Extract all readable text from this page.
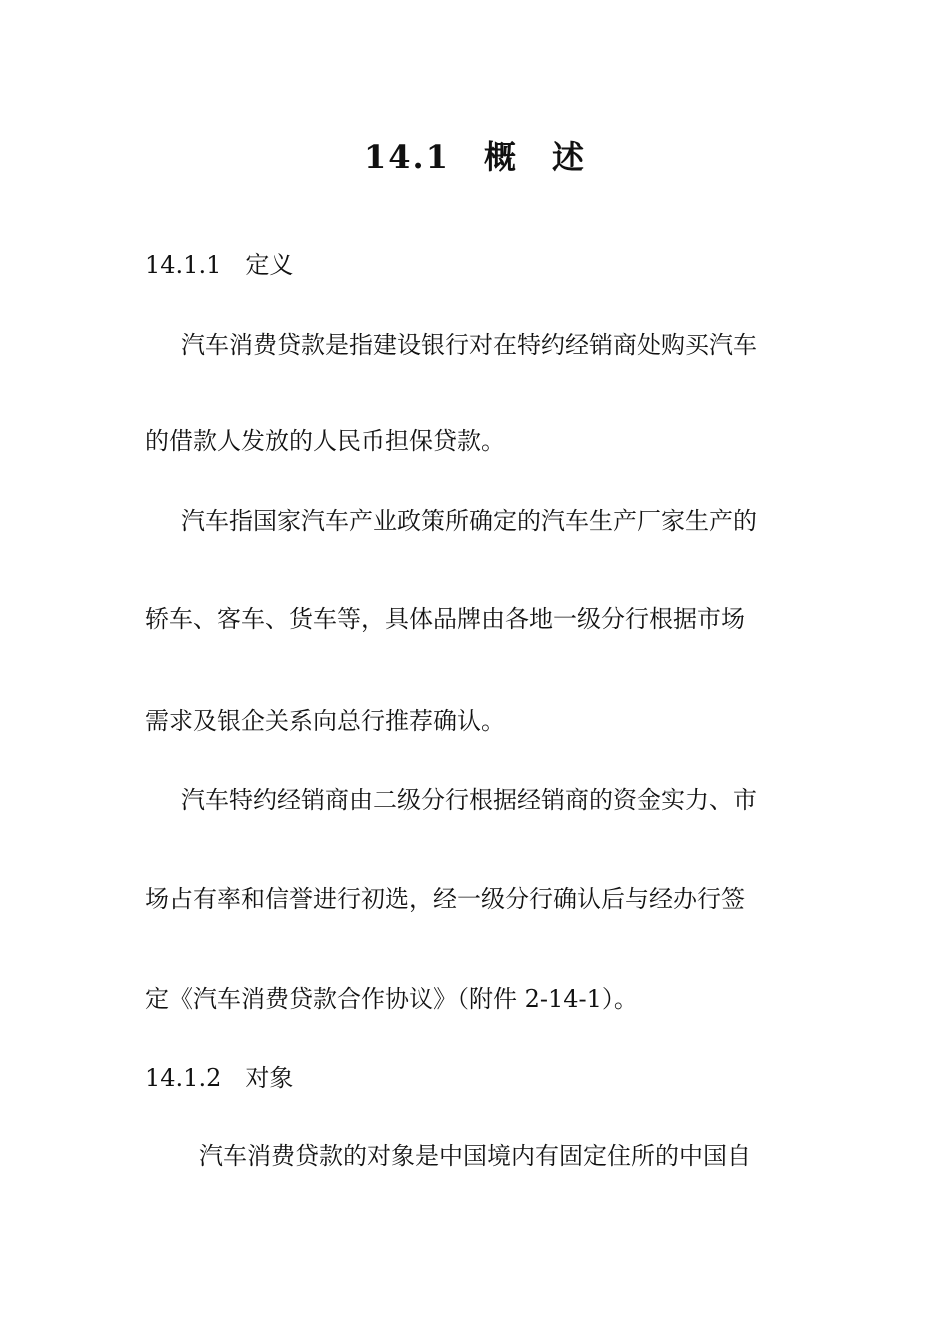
14.1　概　述
14.1.1　定义
汽车消费贷款是指建设银行对在特约经销商处购买汽车
的借款人发放的人民币担保贷款。
汽车指国家汽车产业政策所确定的汽车生产厂家生产的
轿车、客车、货车等，具体品牌由各地一级分行根据市场
需求及银企关系向总行推荐确认。
汽车特约经销商由二级分行根据经销商的资金实力、市
场占有率和信誉进行初选，经一级分行确认后与经办行签
定《汽车消费贷款合作协议》（附件 2-14-1）。
14.1.2　对象
汽车消费贷款的对象是中国境内有固定住所的中国自
